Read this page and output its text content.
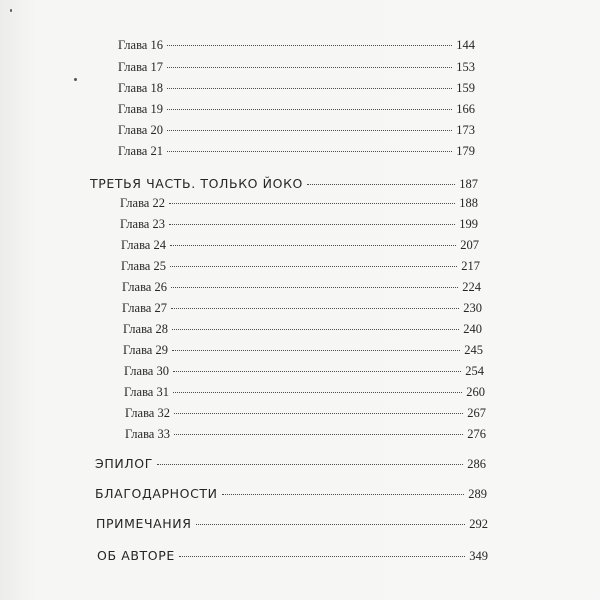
Глава 16	144
Глава 17	153
Глава 18	159
Глава 19	166
Глава 20	173
Глава 21	179
ТРЕТЬЯ ЧАСТЬ. ТОЛЬКО ЙОКО	187
Глава 22	188
Глава 23	199
Глава 24	207
Глава 25	217
Глава 26	224
Глава 27	230
Глава 28	240
Глава 29	245
Глава 30	254
Глава 31	260
Глава 32	267
Глава 33	276
ЭПИЛОГ	286
БЛАГОДАРНОСТИ	289
ПРИМЕЧАНИЯ	292
ОБ АВТОРЕ	349
